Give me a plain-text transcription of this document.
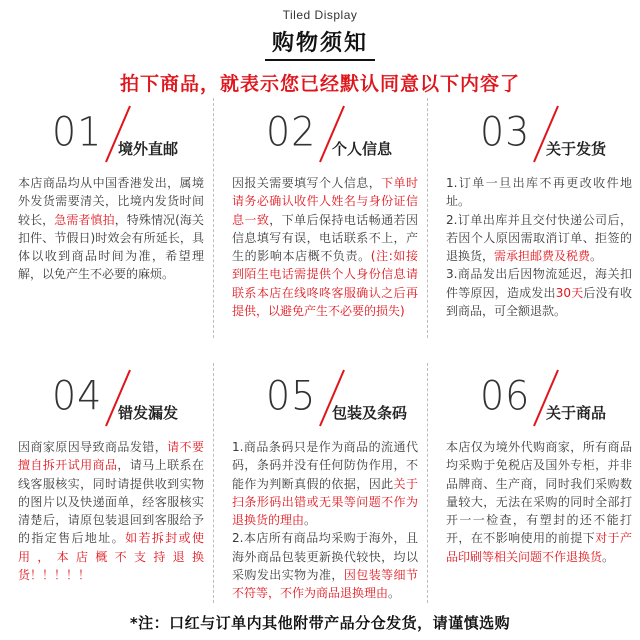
Tiled Display
购物须知
拍下商品，就表示您已经默认同意以下内容了
01 境外直邮
本店商品均从中国香港发出，属境外发货需要清关，比境内发货时间较长，急需者慎拍，特殊情况(海关扣件、节假日)时效会有所延长，具体以收到商品时间为准，希望理解，以免产生不必要的麻烦。
02 个人信息
因报关需要填写个人信息，下单时请务必确认收件人姓名与身份证信息一致，下单后保持电话畅通若因信息填写有误，电话联系不上，产生的影响本店概不负责。(注:如接到陌生电话需提供个人身份信息请联系本店在线咚咚客服确认之后再提供，以避免产生不必要的损失)
03 关于发货
1.订单一旦出库不再更改收件地址。
2.订单出库并且交付快递公司后，若因个人原因需取消订单、拒签的退换货，需承担邮费及税费。
3.商品发出后因物流延迟，海关扣件等原因，造成发出30天后没有收到商品，可全额退款。
04 错发漏发
因商家原因导致商品发错，请不要擅自拆开试用商品，请马上联系在线客服核实，同时请提供收到实物的图片以及快递面单，经客服核实清楚后，请原包装退回到客服给予的指定售后地址。如若拆封或使用，本店概不支持退换货！！！！！
05 包装及条码
1.商品条码只是作为商品的流通代码，条码并没有任何防伪作用，不能作为判断真假的依据，因此关于扫条形码出错或无果等问题不作为退换货的理由。
2.本店所有商品均采购于海外，且海外商品包装更新换代较快，均以采购发出实物为准，因包装等细节不符等，不作为商品退换理由。
06 关于商品
本店仅为境外代购商家，所有商品均采购于免税店及国外专柜，并非品牌商、生产商，同时我们采购数量较大，无法在采购的同时全部打开一一检查，有塑封的还不能打开，在不影响使用的前提下对于产品印刷等相关问题不作退换货。
*注：口红与订单内其他附带产品分仓发货，请谨慎选购
